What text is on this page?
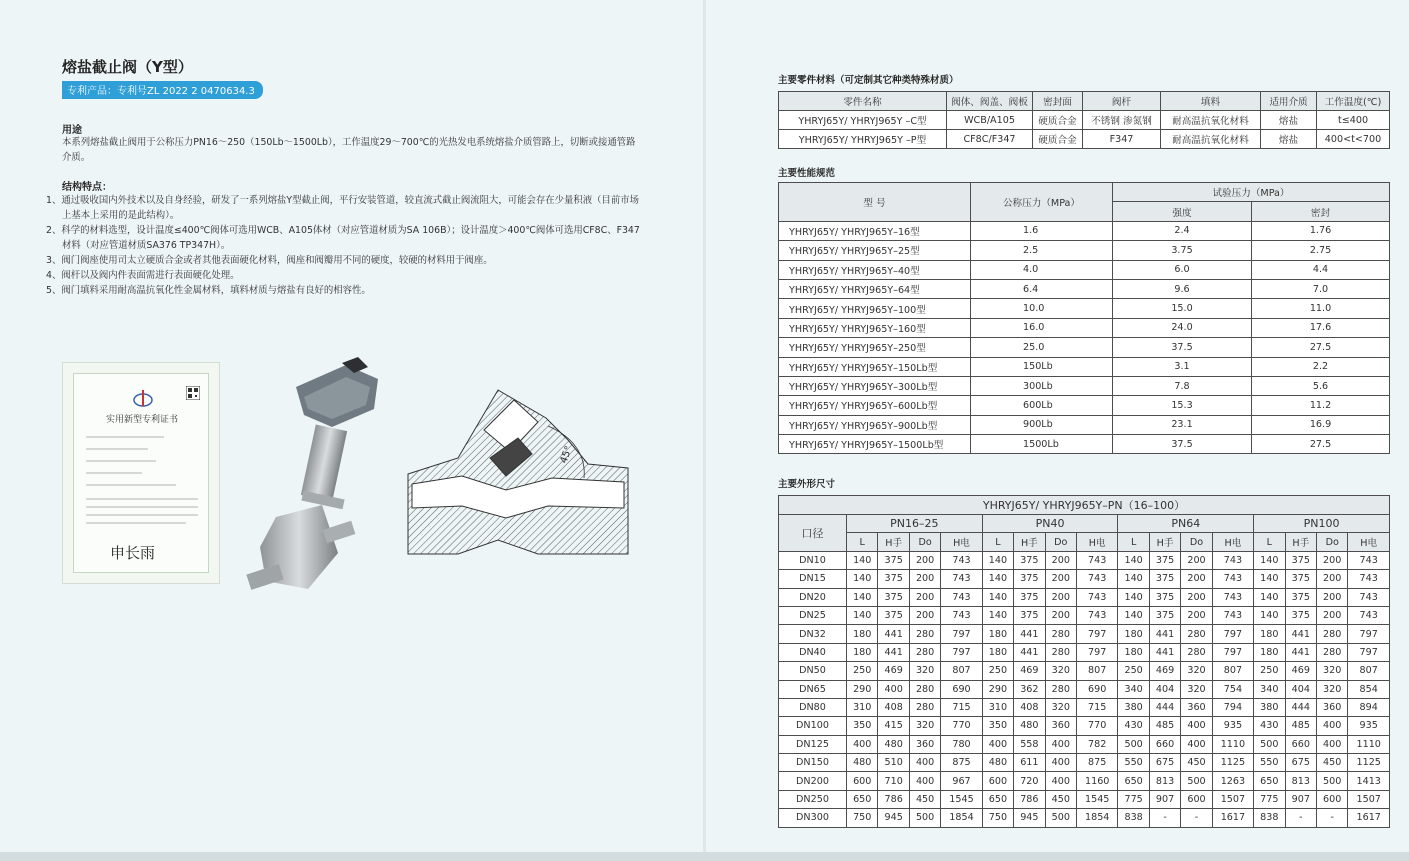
熔盐截止阀（Y型）
专利产品：专利号ZL 2022 2 0470634.3
用途
本系列熔盐截止阀用于公称压力PN16～250（150Lb～1500Lb），工作温度29～700℃的光热发电系统熔盐介质管路上，切断或接通管路介质。
结构特点：
1、通过吸收国内外技术以及自身经验，研发了一系列熔盐Y型截止阀，平行安装管道，较直流式截止阀流阻大，可能会存在少量积液（目前市场上基本上采用的是此结构）。
2、科学的材料选型，设计温度≤400℃阀体可选用WCB、A105体材（对应管道材质为SA 106B）；设计温度＞400℃阀体可选用CF8C、F347材料（对应管道材质SA376 TP347H）。
3、阀门阀座使用司太立硬质合金或者其他表面硬化材料，阀座和阀瓣用不同的硬度，较硬的材料用于阀座。
4、阀杆以及阀内件表面需进行表面硬化处理。
5、阀门填料采用耐高温抗氧化性金属材料，填料材质与熔盐有良好的相容性。
实用新型专利证书
申长雨
45°
主要零件材料（可定制其它种类特殊材质）
零件名称	阀体、阀盖、阀板	密封面	阀杆	填料	适用介质	工作温度(℃)
YHRYJ65Y/ YHRYJ965Y –C型	WCB/A105	硬质合金	不锈钢 渗氮钢	耐高温抗氧化材料	熔盐	t≤400
YHRYJ65Y/ YHRYJ965Y –P型	CF8C/F347	硬质合金	F347	耐高温抗氧化材料	熔盐	400<t<700
主要性能规范
型 号	公称压力（MPa）	试验压力（MPa）	
		强度	密封
YHRYJ65Y/ YHRYJ965Y–16型	1.6	2.4	1.76
YHRYJ65Y/ YHRYJ965Y–25型	2.5	3.75	2.75
YHRYJ65Y/ YHRYJ965Y–40型	4.0	6.0	4.4
YHRYJ65Y/ YHRYJ965Y–64型	6.4	9.6	7.0
YHRYJ65Y/ YHRYJ965Y–100型	10.0	15.0	11.0
YHRYJ65Y/ YHRYJ965Y–160型	16.0	24.0	17.6
YHRYJ65Y/ YHRYJ965Y–250型	25.0	37.5	27.5
YHRYJ65Y/ YHRYJ965Y–150Lb型	150Lb	3.1	2.2
YHRYJ65Y/ YHRYJ965Y–300Lb型	300Lb	7.8	5.6
YHRYJ65Y/ YHRYJ965Y–600Lb型	600Lb	15.3	11.2
YHRYJ65Y/ YHRYJ965Y–900Lb型	900Lb	23.1	16.9
YHRYJ65Y/ YHRYJ965Y–1500Lb型	1500Lb	37.5	27.5
主要外形尺寸
YHRYJ65Y/ YHRYJ965Y–PN（16–100）																
口径	PN16–25				PN40				PN64				PN100			
	L	H手	Do	H电	L	H手	Do	H电	L	H手	Do	H电	L	H手	Do	H电
DN10	140	375	200	743	140	375	200	743	140	375	200	743	140	375	200	743
DN15	140	375	200	743	140	375	200	743	140	375	200	743	140	375	200	743
DN20	140	375	200	743	140	375	200	743	140	375	200	743	140	375	200	743
DN25	140	375	200	743	140	375	200	743	140	375	200	743	140	375	200	743
DN32	180	441	280	797	180	441	280	797	180	441	280	797	180	441	280	797
DN40	180	441	280	797	180	441	280	797	180	441	280	797	180	441	280	797
DN50	250	469	320	807	250	469	320	807	250	469	320	807	250	469	320	807
DN65	290	400	280	690	290	362	280	690	340	404	320	754	340	404	320	854
DN80	310	408	280	715	310	408	320	715	380	444	360	794	380	444	360	894
DN100	350	415	320	770	350	480	360	770	430	485	400	935	430	485	400	935
DN125	400	480	360	780	400	558	400	782	500	660	400	1110	500	660	400	1110
DN150	480	510	400	875	480	611	400	875	550	675	450	1125	550	675	450	1125
DN200	600	710	400	967	600	720	400	1160	650	813	500	1263	650	813	500	1413
DN250	650	786	450	1545	650	786	450	1545	775	907	600	1507	775	907	600	1507
DN300	750	945	500	1854	750	945	500	1854	838	-	-	1617	838	-	-	1617
